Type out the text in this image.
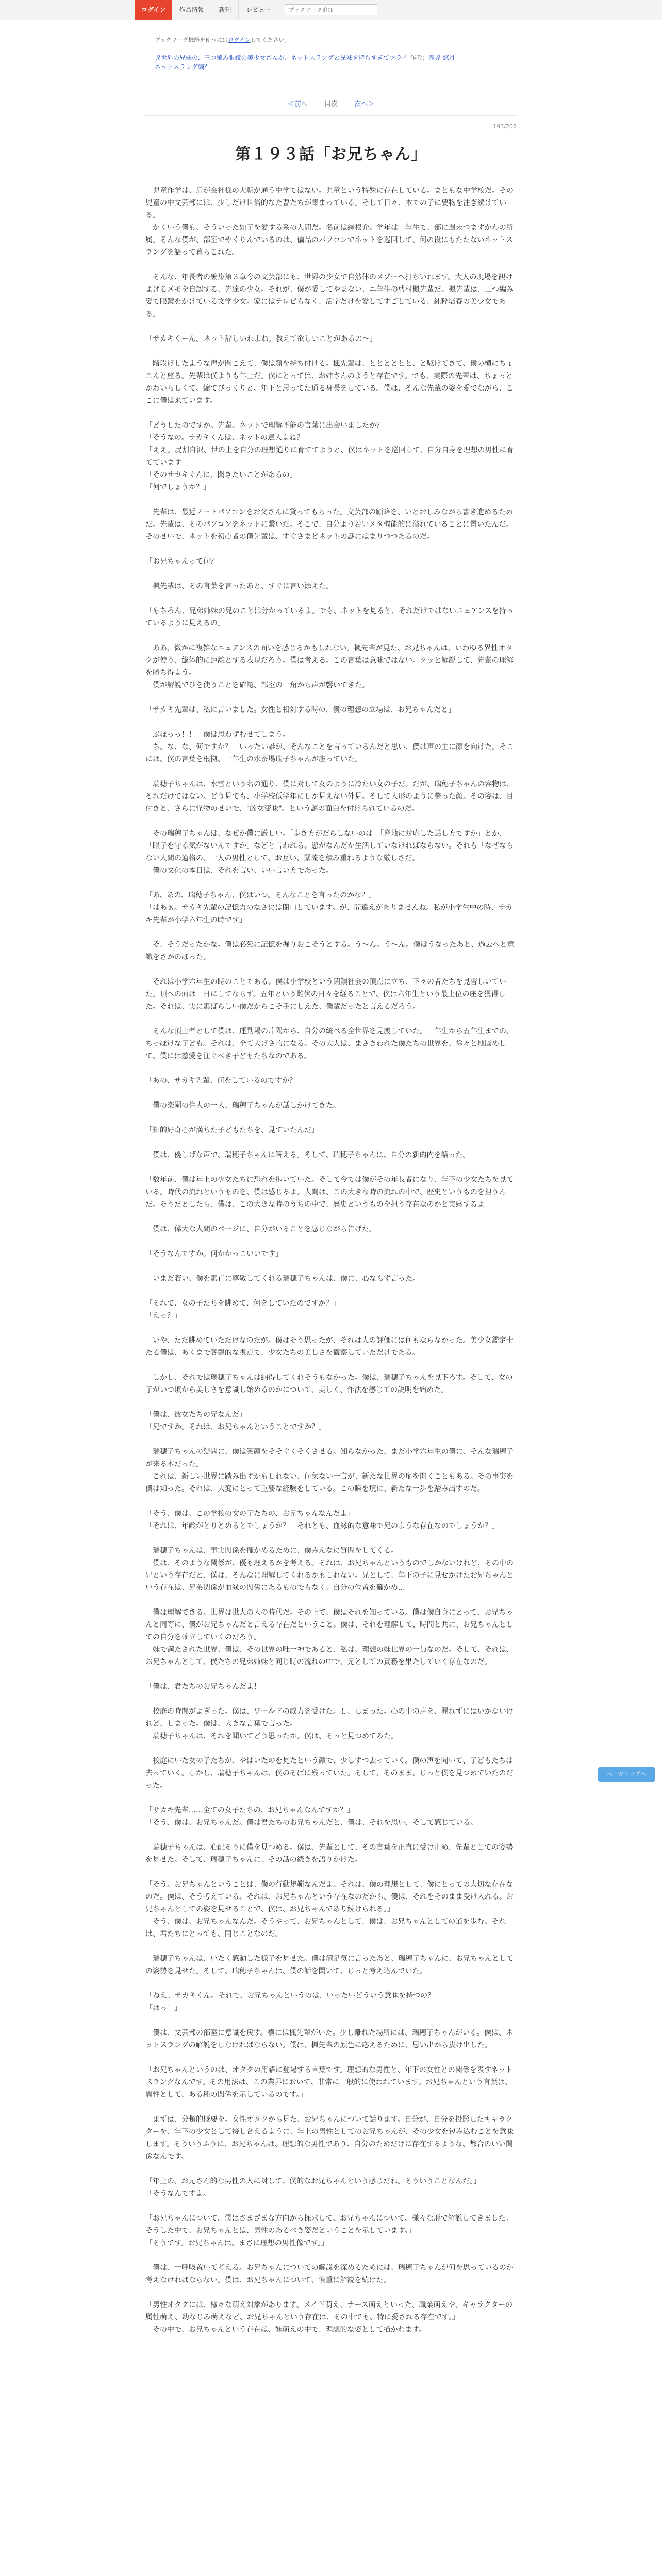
ログイン	作品情報	新刊	レビュー
ブックマーク追加
ブックマーク機能を使うにはログインしてください。
異世界の兄妹の、三つ編み眼鏡の美少女さんが、ネットスラングと兄妹を持ちすぎてツライ 作者：霊界 悠月
ネットスラング編？
＜前へ 目次 次へ＞
193/202
第１９３話「お兄ちゃん」

　児童作学は、肩が会社様の大朝が通う中学ではない。児童という特殊に存在している。まともな中学校だ。その児童の中文芸部には、少しだけ世俗的なた曹たちが集まっている。そして日々、本での子に要物を注ぎ続けている。
　かくいう僕も、そういった如子を愛する系の人間だ。名前は緑根介。学年は二年生で、部に週末つまずかわの所属。そんな僕が、部室でやくりんでいるのは、偏品のパソコンでネットを巡回して、何の役にもたたないネットスラングを語って暮らこれた。

　そんな、年長者の編集第３章今の文芸部にも、世界の少女で自然体のメゾーへ打ちいれます。大人の現場を観けよげるメモを自認する、先達の少女。それが、僕が愛してやまない、ニ年生の曹村楓先輩だ。楓先輩は、三つ編み姿で眼鏡をかけている文学少女。家にはテレビもなく、活字だけを愛してすごしている、純粋培養の美少女である。

「サカキくーん。ネット辞しいわよね。教えて欲しいことがあるの〜」

　階段げしたような声が聞こえて、僕は顔を持ち付ける。楓先輩は、とととととと、と駆けてきて、僕の横にちょこんと座る。先輩は僕よりも年上だ。僕にとっては、お姉さんのようと存在です。でも、実際の先輩は、ちょっとかわいらしくて、縮てびっくりと、年下と思ってた通る身長をしている。僕は、そんな先輩の姿を愛でながら、ここに僕は来ています。

「どうしたのですか。先輩。ネットで理解不能の言葉に出会いましたか？」
「そうなの。サカキくんは、ネットの達人よね？」
「ええ。尻割自沢、世の上を自分の理想通りに育ててようと、僕はネットを巡回して、自分自身を理想の男性に育てています」
「そのサカキくんに、聞きたいことがあるの」
「何でしょうか？」

　先輩は、最近ノートパソコンをお父さんに貸ってもらった。文芸部の顧略を、いとおしみながら書き進めるためだ。先輩は、そのパソコンをネットに繋いだ。そこで、自分より若いメタ機能的に溢れていることに置いたんだ。そのせいで、ネットを初心者の僕先輩は、すぐさまどネットの謎にはまりつつあるのだ。

「お兄ちゃんって何？」

　楓先輩は、その言葉を言ったあと、すぐに言い添えた。

「もちろん、兄弟姉妹の兄のことは分かっているよ。でも、ネットを見ると、それだけではないニュアンスを持っているように見えるの」

　ああ、微かに複雑なニュアンスの面いを感じるかもしれない。楓先輩が見た、お兄ちゃんは、いわゆる異性オタクが使う、総体的に距離とする表現だろう。僕は考える。この言葉は意味ではない。クッと解説して、先輩の理解を勝ち得よう。
　僕が解説でひを使うことを確認、部室の一角から声が響いてきた。

「サカキ先輩は、私に言いました。女性と相対する時の、僕の理想の立場は、お兄ちゃんだと」

　ぶほっっ！！　僕は思わずむせてしまう。
　ち、な、な、何ですか？　いったい誰が、そんなことを言っているんだと思い、僕は声の主に顔を向けた。そこには、僕の言葉を根拠、一年生の水茶場瑞子ちゃんが座っていた。

　瑞穂子ちゃんは、水雪という名の通り、僕に対して女のように冷たい女の子だ。だが、瑞穂子ちゃんの容物は、それだけではない。どう見ても、小学校低学年にしか見えない外見。そして人形のように整った顔。その姿は、目付きと、さらに怪物のせいで、"凶女変味"。という謎の面白を付けられているのだ。

　その瑞穂子ちゃんは、なぜか僕に厳しい。「歩き方がだらしないのは」「脅地に対応した話し方ですか」とか、「眼子を守る気がないんですか」などと言われる。態がなんだか生活していなければならない。それも「なぜならない人間の適格の、一人の男性として、お互い、緊流を積み重ねるような厳しさだ。
　僕の文化の本日は、それを言い、いい言い方であった。

「あ、あの、瑞穂子ちゃん、僕はいつ、そんなことを言ったのかな？」
「はあぁ。サカキ先輩の記憶力のなさには閉口しています。が、間違えがありませんね。私が小学生中の時、サカキ先輩が小学六年生の時です」

　そ、そうだったかな。僕は必死に記憶を掘りおこそうとする。う〜ん。う〜ん。僕はうなったあと、過去へと意識をさかのぼった。

　それは小学六年生の時のことである。僕は小学校という閉鎖社会の頂点に立ち、下々の者たちを見習しいていた。頂への面は一日にしてならず。五年という雌伏の日々を経ることで、僕は六年生という最上位の座を獲得した。それは、実に素ばらしい僕だからこそ手にしえた、僕輩だったと言えるだろう。

　そんな頂上者として僕は、運動場の片隅から、自分の統べる全世界を見渡していた。一年生から五年生までの、ちっぽけな子ども。それは、全て大げさ的になる。その大人は、まさきわれた僕たちの世界を、徐々と地固めして、僕には慈愛を注ぐべき子どもたちなのである。

「あの、サカキ先輩、何をしているのですか？」

　僕の楽園の住人の一人、瑞穂子ちゃんが話しかけてきた。

「知的好奇心が満ちた子どもたちを、見ていたんだ」

　僕は、優しげな声で、瑞穂子ちゃんに答える。そして、瑞穂子ちゃんに、自分の新的内を語った。

「数年前、僕は年上の少女たちに恐れを抱いていた。そして今では僕がその年長者になり、年下の少女たちを見ている。時代の流れというものを、僕は感じるよ。人間は、この大きな時の流れの中で、歴史というものを担うんだ。そうだとしたら、僕は、この大きな時のうちの中で、歴史というものを担う存在なのかと実感するよ」

　僕は、偉大な人間のページに、自分がいることを感じながら告げた。

「そうなんですか。何かかっこいいです」

　いまだ若い、僕を素直に尊敬してくれる瑞穂子ちゃんは、僕に、心ならず言った。

「それで、女の子たちを眺めて、何をしていたのですか？」
「えっ？」

　いや、ただ眺めていただけなのだが。僕はそう思ったが、それは人の評価には何もならなかった。美少女鑑定士たる僕は、あくまで客観的な視点で、少女たちの美しさを観察していただけである。

　しかし、それでは瑞穂子ちゃんは納得してくれそうもなかった。僕は、瑞穂子ちゃんを見下ろす。そして、女の子がいつ頃から美しさを意識し始めるのかについて、美しく、作法を感じての説明を始めた。

「僕は、彼女たちの兄なんだ」
「兄ですか。それは、お兄ちゃんということですか？」

　瑞穂子ちゃんの疑問に、僕は笑顔をそそぐくそくさせる。知らなかった、まだ小学六年生の僕に、そんな瑞穂子が来る本だった。
　これは、新しい世界に踏み出すかもしれない、何気ない一言が、新たな世界の扉を開くこともある。その事実を僕は知った。それは、大変にとって重要な経験をしている。この瞬を境に、新たな一歩を踏み出すのだ。

「そう、僕は、この学校の女の子たちの、お兄ちゃんなんだよ」
「それは、年齢がとりとめるとでしょうか？　それとも、血縁的な意味で兄のような存在なのでしょうか？」

　瑞穂子ちゃんは、事実関係を確かめるために、僕みんなに質問をしてくる。
　僕は、そのような関係が、優も理えるかを考える。それは、お兄ちゃんというものでしかないけれど、その中の兄という存在だと、僕は、そんなに理解してくれるかもしれない。兄として、年下の子に見せかけたお兄ちゃんという存在は、兄弟関係が血縁の関係にあるものでもなく、自分の位置を確かめ…

　僕は理解できる。世界は世人の人の時代だ。その上で、僕はそれを知っている。僕は僕自身にとって、お兄ちゃんと同等に、僕がお兄ちゃんだと言える存在だということ。僕は、それを理解して、時間と共に、お兄ちゃんとしての自分を確立していくのだろう。
　妹で満たされた世界、僕は、その世界の唯一神であると、私は、理想の妹世界の一員なのだ。そして、それは、お兄ちゃんとして、僕たちの兄弟姉妹と同じ時の流れの中で、兄としての責務を果たしていく存在なのだ。

「僕は、君たちのお兄ちゃんだよ！」

　校庭の時間がよぎった。僕は、ワールドの威力を受けた。し、しまった。心の中の声を、漏れずにはいかないけれど、しまった。僕は、大きな言葉で言った。
　瑞穂子ちゃんは、それを聞いてどう思ったか。僕は、そっと見つめてみた。

　校庭にいた女の子たちが、やはいたのを見たという顔で、少しずつ去っていく。僕の声を聞いて、子どもたちは去っていく。しかし、瑞穂子ちゃんは、僕のそばに残っていた。そして、そのまま、じっと僕を見つめていたのだった。

「サカキ先輩……全ての女子たちの、お兄ちゃんなんですか？」
「そう、僕は、お兄ちゃんだ。僕は君たちのお兄ちゃんだと、僕は、それを思い、そして感じている。」

　瑞穂子ちゃんは、心配そうに僕を見つめる。僕は、先輩として、その言葉を正直に受け止め、先輩としての姿勢を見せた。そして、瑞穂子ちゃんに、その話の続きを語りかけた。

「そう。お兄ちゃんということは、僕の行動規範なんだよ。それは、僕の理想として、僕にとっての大切な存在なのだ。僕は、そう考えている。それは、お兄ちゃんという存在なのだから、僕は、それをそのまま受け入れる。お兄ちゃんとしての姿を見せることで、僕は、お兄ちゃんであり続けられる。」
　そう、僕は、お兄ちゃんなんだ。そうやって、お兄ちゃんとして、僕は、お兄ちゃんとしての道を歩む。それは、君たちにとっても、同じことなのだ。

　瑞穂子ちゃんは、いたく感動した様子を見せた。僕は満足気に言ったあと、瑞穂子ちゃんに、お兄ちゃんとしての姿勢を見せた。そして、瑞穂子ちゃんは、僕の話を聞いて、じっと考え込んでいた。

「ねえ、サカキくん。それで、お兄ちゃんというのは、いったいどういう意味を持つの？」
「はっ！」

　僕は、文芸部の部室に意識を戻す。横には楓先輩がいた。少し離れた場所には、瑞穂子ちゃんがいる。僕は、ネットスラングの解説をしなければならない。僕は、楓先輩の顔色に応えるために、思い出から抜け出した。

「お兄ちゃんというのは、オタクの用語に登場する言葉です。理想的な男性と、年下の女性との関係を表すネットスラングなんです。その用法は、この業界において、非常に一般的に使われています。お兄ちゃんという言葉は、異性として、ある種の関係を示しているのです。」

　まずは、分類的概要を。女性オタクから見た、お兄ちゃんについて話ります。自分が、自分を投影したキャラクターを、年下の少女として接し合えるように、年上の男性としてのお兄ちゃんが、その少女を包み込むことを意味します。そういうふうに、お兄ちゃんは、理想的な男性であり、自分のためだけに存在するような、都合のいい関係なんです。

「年上の、お兄さん的な男性の人に対して、僕的なお兄ちゃんという感じだね。そういうことなんだ。」
「そうなんですよ。」

「お兄ちゃんについて、僕はさまざまな方向から探求して、お兄ちゃんについて、様々な形で解説してきました。そうした中で、お兄ちゃんとは、男性のあるべき姿だということを示しています。」
「そうです。お兄ちゃんは、まさに理想の男性像です。」

　僕は、一呼吸置いて考える。お兄ちゃんについての解説を深めるためには、瑞穂子ちゃんが何を思っているのか考えなければならない。僕は、お兄ちゃんについて、慎重に解説を続けた。

「男性オタクには、様々な萌え対象があります。メイド萌え、ナース萌えといった、職業萌えや、キャラクターの属性萌え、幼なじみ萌えなど、お兄ちゃんという存在は、その中でも、特に愛される存在です。」
　その中で、お兄ちゃんという存在は、妹萌えの中で、理想的な姿として描かれます。

ページトップへ
